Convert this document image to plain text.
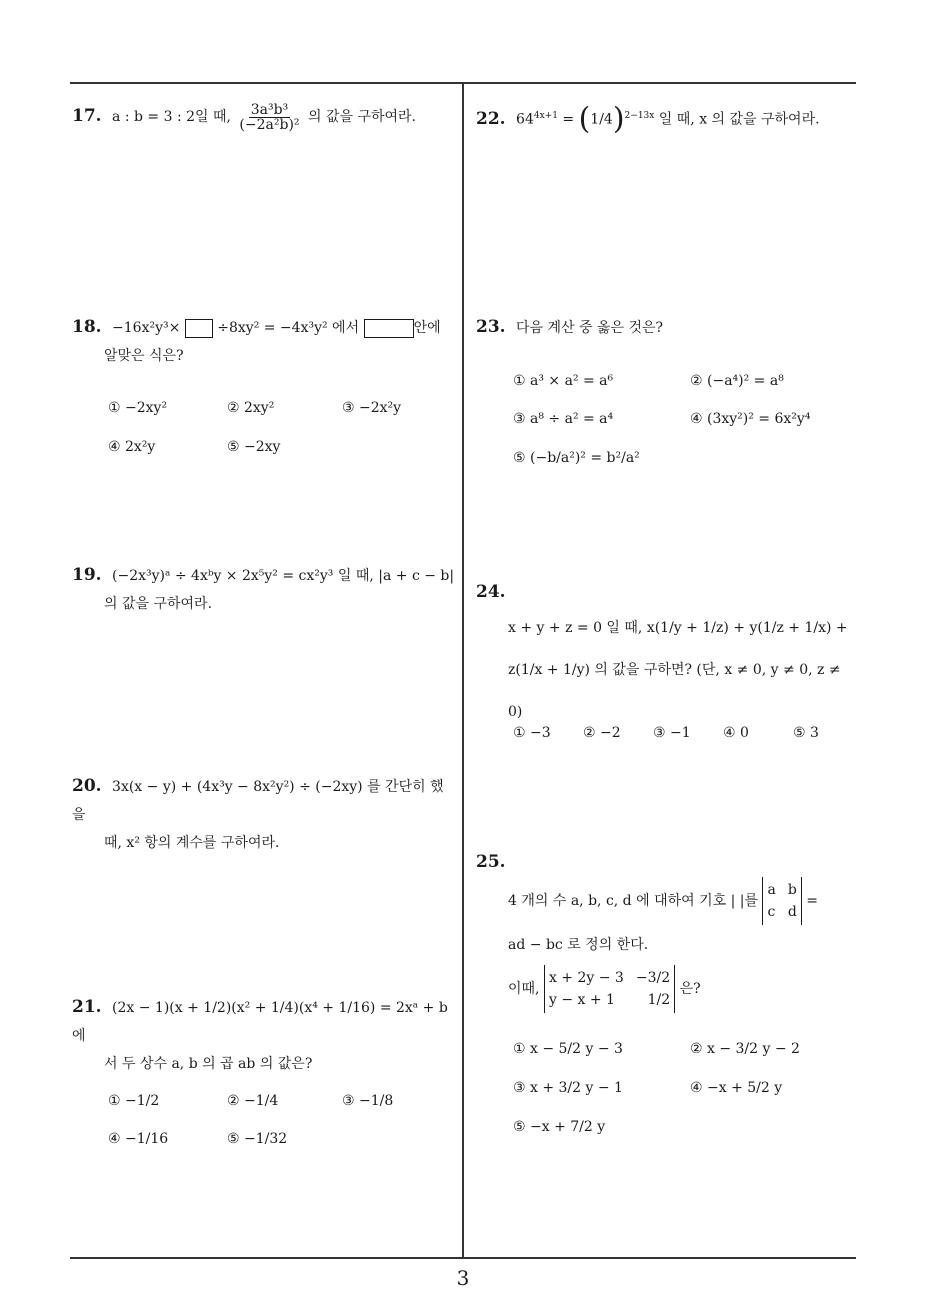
17. a : b = 3 : 2일 때, $\frac{\text{3a³b³}}{\text{(−2a²b)²}}$ 의 값을 구하여라.
18. −16x²y³×	÷8xy² = −4x³y² 에서	안에
알맞은 식은?
① −2xy²	② 2xy²	③ −2x²y
④ 2x²y	⑤ −2xy
19. (−2x³y)ᵃ ÷ 4xᵇy × 2x⁵y² = cx²y³ 일 때, |a + c − b|
의 값을 구하여라.
20. 3x(x − y) + (4x³y − 8x²y²) ÷ (−2xy) 를 간단히 했을
때, x² 항의 계수를 구하여라.
21. (2x − 1)(x + 1/2)(x² + 1/4)(x⁴ + 1/16) = 2xᵃ + b 에
서 두 상수 a, b 의 곱 ab 의 값은?
① −1/2	② −1/4	③ −1/8
④ −1/16	⑤ −1/32
22. $64^{4x+1} = (1/4)^{2-13x}$ 일 때, x 의 값을 구하여라.
23. 다음 계산 중 옳은 것은?
① a³ × a² = a⁶	② (−a⁴)² = a⁸
③ a⁸ ÷ a² = a⁴	④ (3xy²)² = 6x²y⁴
⑤ (−b/a²)² = b²/a²
24.

x + y + z = 0 일 때, x(1/y + 1/z) + y(1/z + 1/x) +
z(1/x + 1/y) 의 값을 구하면? (단, x ≠ 0, y ≠ 0, z ≠
0)
① −3 ② −2 ③ −1 ④ 0	⑤ 3
25.

4 개의 수 a, b, c, d 에 대하여 기호 | |를
a b
c d
=

ad − bc 로 정의 한다.
이때,
x + 2y − 3 −3/2
y − x + 1 1/2
은?
① x − 5/2 y − 3	② x − 3/2 y − 2
③ x + 3/2 y − 1	④ −x + 5/2 y
⑤ −x + 7/2 y
3
